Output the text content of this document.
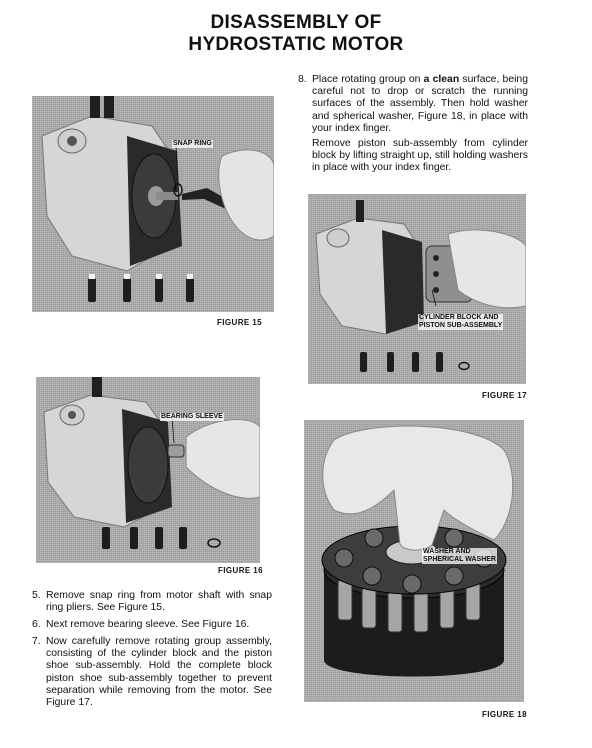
DISASSEMBLY OF
HYDROSTATIC MOTOR
SNAP RING
FIGURE 15
BEARING SLEEVE
FIGURE 16
5. Remove snap ring from motor shaft with snap ring pliers. See Figure 15.
6. Next remove bearing sleeve. See Figure 16.
7. Now carefully remove rotating group assembly, consisting of the cylinder block and the piston shoe sub-assembly. Hold the complete block piston shoe sub-assembly together to prevent separation while removing from the motor. See Figure 17.
8. Place rotating group on a clean surface, being careful not to drop or scratch the running surfaces of the assembly. Then hold washer and spherical washer, Figure 18, in place with your index finger.
Remove piston sub-assembly from cylinder block by lifting straight up, still holding washers in place with your index finger.
CYLINDER BLOCK AND
PISTON SUB-ASSEMBLY
FIGURE 17
WASHER AND
SPHERICAL WASHER
FIGURE 18
